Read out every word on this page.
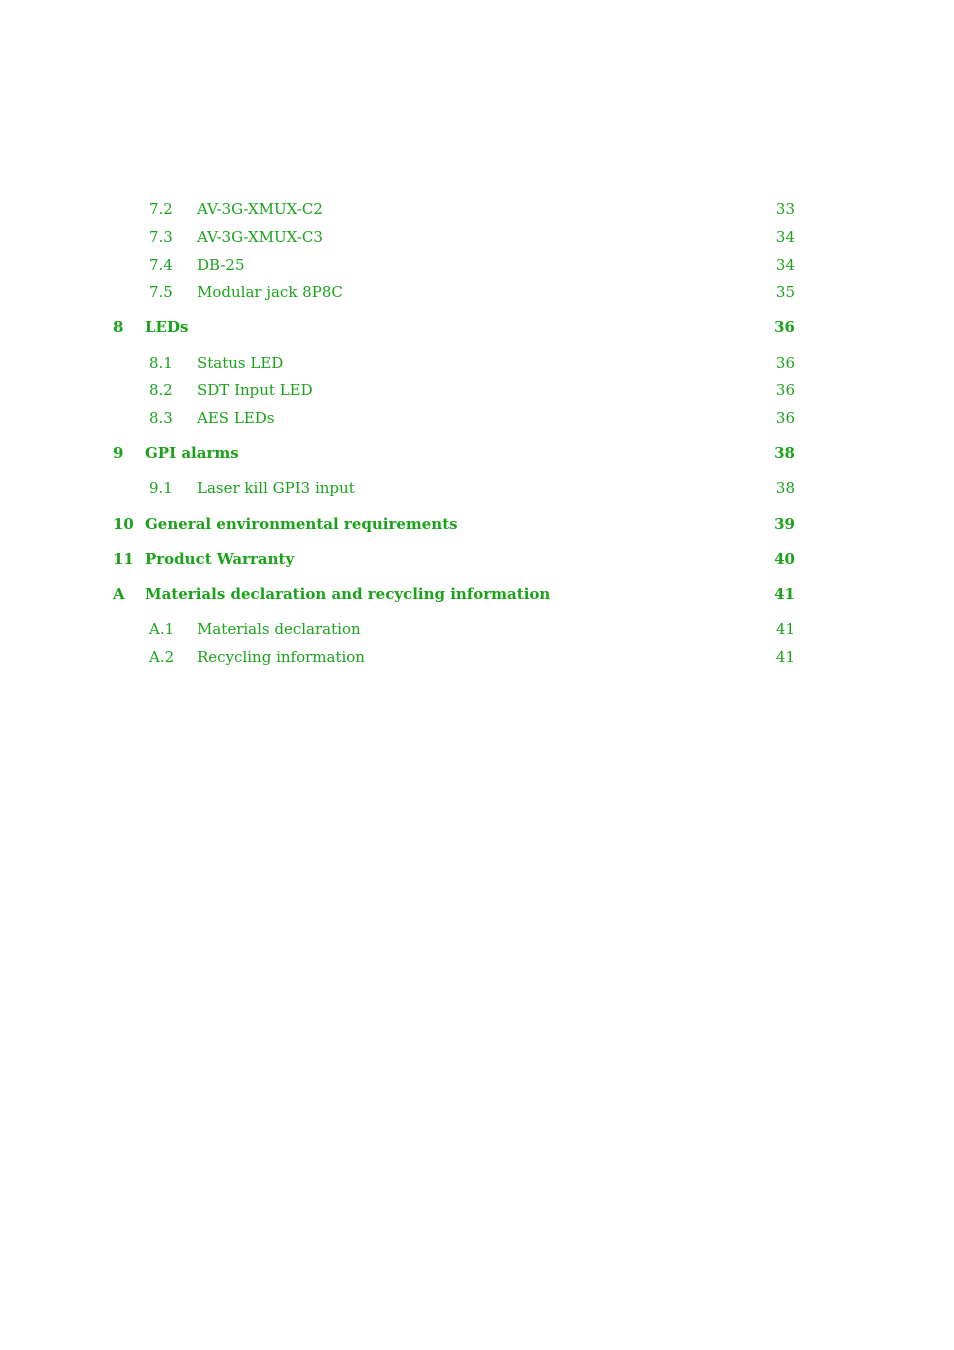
7.2 AV-3G-XMUX-C2	33
7.3 AV-3G-XMUX-C3	34
7.4 DB-25	34
7.5 Modular jack 8P8C	35
8 LEDs	36
8.1 Status LED	36
8.2 SDT Input LED	36
8.3 AES LEDs	36
9 GPI alarms	38
9.1 Laser kill GPI3 input	38
10 General environmental requirements	39
11 Product Warranty	40
A Materials declaration and recycling information	41
A.1 Materials declaration	41
A.2 Recycling information	41
